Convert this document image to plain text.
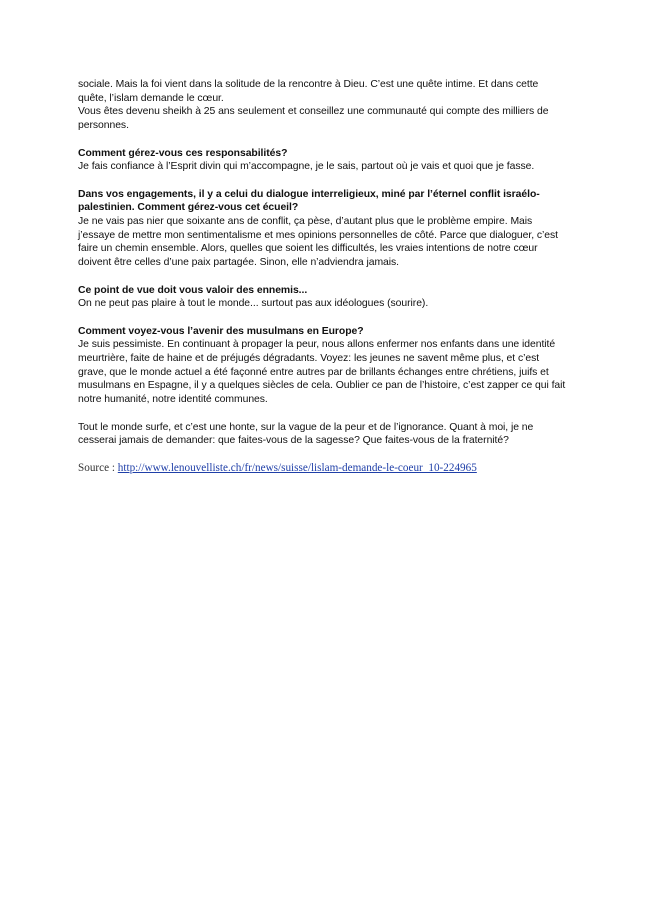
sociale. Mais la foi vient dans la solitude de la rencontre à Dieu. C’est une quête intime. Et dans cette
quête, l’islam demande le cœur.
Vous êtes devenu sheikh à 25 ans seulement et conseillez une communauté qui compte des milliers de
personnes.
Comment gérez-vous ces responsabilités?
Je fais confiance à l’Esprit divin qui m’accompagne, je le sais, partout où je vais et quoi que je fasse.
Dans vos engagements, il y a celui du dialogue interreligieux, miné par l’éternel conflit israélo-
palestinien. Comment gérez-vous cet écueil?
Je ne vais pas nier que soixante ans de conflit, ça pèse, d’autant plus que le problème empire. Mais
j’essaye de mettre mon sentimentalisme et mes opinions personnelles de côté. Parce que dialoguer, c’est
faire un chemin ensemble. Alors, quelles que soient les difficultés, les vraies intentions de notre cœur
doivent être celles d’une paix partagée. Sinon, elle n’adviendra jamais.
Ce point de vue doit vous valoir des ennemis...
On ne peut pas plaire à tout le monde... surtout pas aux idéologues (sourire).
Comment voyez-vous l’avenir des musulmans en Europe?
Je suis pessimiste. En continuant à propager la peur, nous allons enfermer nos enfants dans une identité
meurtrière, faite de haine et de préjugés dégradants. Voyez: les jeunes ne savent même plus, et c’est
grave, que le monde actuel a été façonné entre autres par de brillants échanges entre chrétiens, juifs et
musulmans en Espagne, il y a quelques siècles de cela. Oublier ce pan de l’histoire, c’est zapper ce qui fait
notre humanité, notre identité communes.
Tout le monde surfe, et c’est une honte, sur la vague de la peur et de l’ignorance. Quant à moi, je ne
cesserai jamais de demander: que faites-vous de la sagesse? Que faites-vous de la fraternité?
Source : http://www.lenouvelliste.ch/fr/news/suisse/lislam-demande-le-coeur_10-224965
